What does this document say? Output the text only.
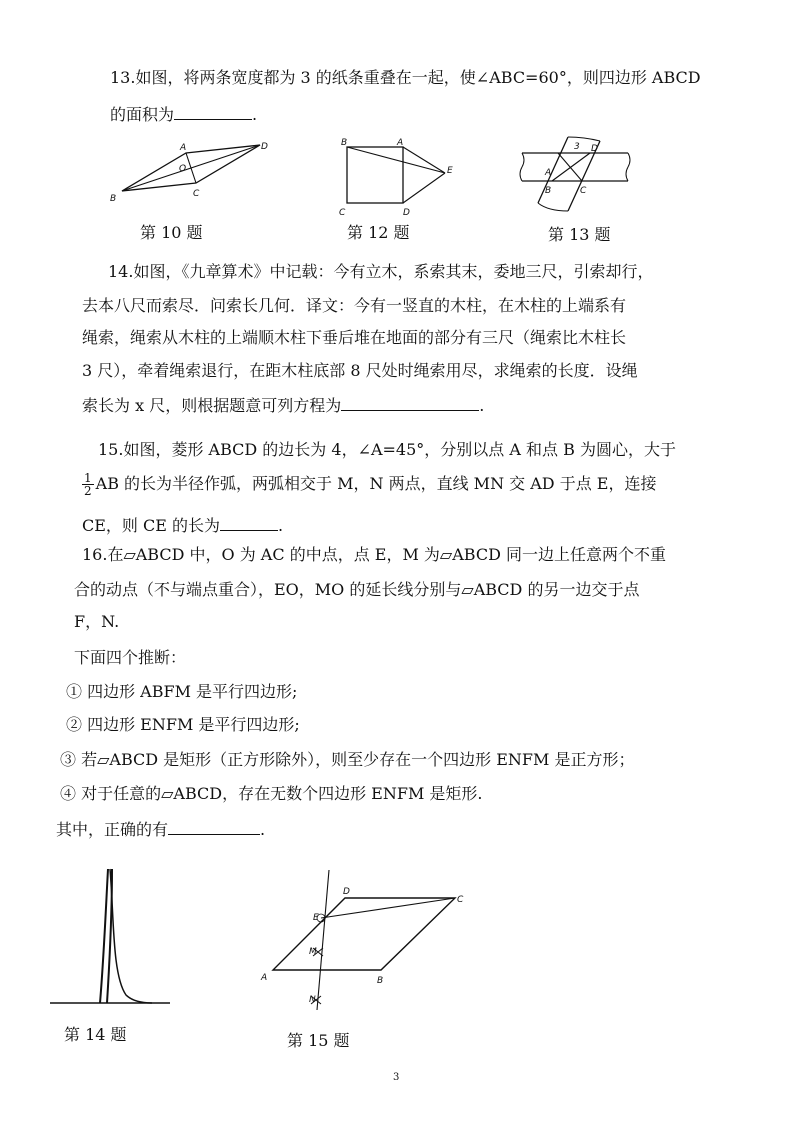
13.如图，将两条宽度都为 3 的纸条重叠在一起，使∠ABC=60°，则四边形 ABCD
的面积为	.
A
B	C
D
O
第 10 题
B	A
E
C	D
第 12 题
A
B	C
D
3
第 13 题
14.如图，《九章算术》中记载：今有立木，系索其末，委地三尺，引索却行，
去本八尺而索尽．问索长几何．译文：今有一竖直的木柱，在木柱的上端系有
绳索，绳索从木柱的上端顺木柱下垂后堆在地面的部分有三尺（绳索比木柱长
3 尺），牵着绳索退行，在距木柱底部 8 尺处时绳索用尽，求绳索的长度．设绳
索长为 x 尺，则根据题意可列方程为	.
15.如图，菱形 ABCD 的边长为 4，∠A=45°，分别以点 A 和点 B 为圆心，大于
$\frac{1}{2}$ AB 的长为半径作弧，两弧相交于 M，N 两点，直线 MN 交 AD 于点 E，连接
CE，则 CE 的长为	.
16.在▱ABCD 中，O 为 AC 的中点，点 E，M 为▱ABCD 同一边上任意两个不重
合的动点（不与端点重合），EO，MO 的延长线分别与▱ABCD 的另一边交于点
F，N.
下面四个推断：
① 四边形 ABFM 是平行四边形;
② 四边形 ENFM 是平行四边形;
③ 若▱ABCD 是矩形（正方形除外），则至少存在一个四边形 ENFM 是正方形；
④ 对于任意的▱ABCD，存在无数个四边形 ENFM 是矩形.
其中，正确的有	.
第 14 题
D
C
E
M
A	B
N
第 15 题
3
